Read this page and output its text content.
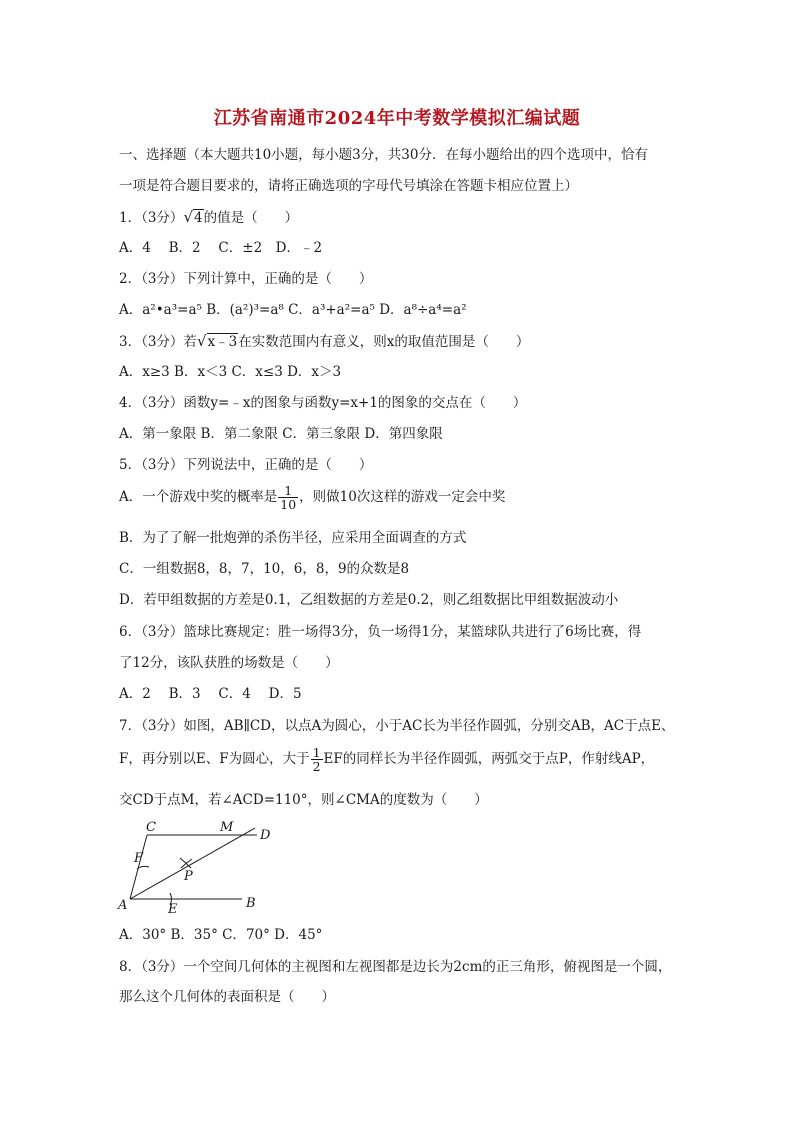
江苏省南通市2024年中考数学模拟汇编试题
一、选择题（本大题共10小题，每小题3分，共30分．在每小题给出的四个选项中，恰有
一项是符合题目要求的，请将正确选项的字母代号填涂在答题卡相应位置上）
1．（3分）√4的值是（　　）
A．4　 B．2　 C．±2　D．﹣2
2．（3分）下列计算中，正确的是（　　）
A．a²•a³=a⁵ B．(a²)³=a⁸ C．a³+a²=a⁵ D．a⁸÷a⁴=a²
3．（3分）若√x﹣3在实数范围内有意义，则x的取值范围是（　　）
A．x≥3 B．x＜3 C．x≤3 D．x＞3
4．（3分）函数y=﹣x的图象与函数y=x+1的图象的交点在（　　）
A．第一象限 B．第二象限 C．第三象限 D．第四象限
5．（3分）下列说法中，正确的是（　　）
A．一个游戏中奖的概率是 $\frac{1}{10}$ ，则做10次这样的游戏一定会中奖
B．为了了解一批炮弹的杀伤半径，应采用全面调查的方式
C．一组数据8，8，7，10，6，8，9的众数是8
D．若甲组数据的方差是0.1，乙组数据的方差是0.2，则乙组数据比甲组数据波动小
6．（3分）篮球比赛规定：胜一场得3分，负一场得1分，某篮球队共进行了6场比赛，得
了12分，该队获胜的场数是（　　）
A．2　 B．3　 C．4　 D．5
7．（3分）如图，AB∥CD，以点A为圆心，小于AC长为半径作圆弧，分别交AB，AC于点E、
F，再分别以E、F为圆心，大于 $\frac{1}{2}$ EF的同样长为半径作圆弧，两弧交于点P，作射线AP，
交CD于点M，若∠ACD=110°，则∠CMA的度数为（　　）
C	M
D
F
P
A	E	B
A．30° B．35° C．70° D．45°
8．（3分）一个空间几何体的主视图和左视图都是边长为2cm的正三角形，俯视图是一个圆，
那么这个几何体的表面积是（　　）
